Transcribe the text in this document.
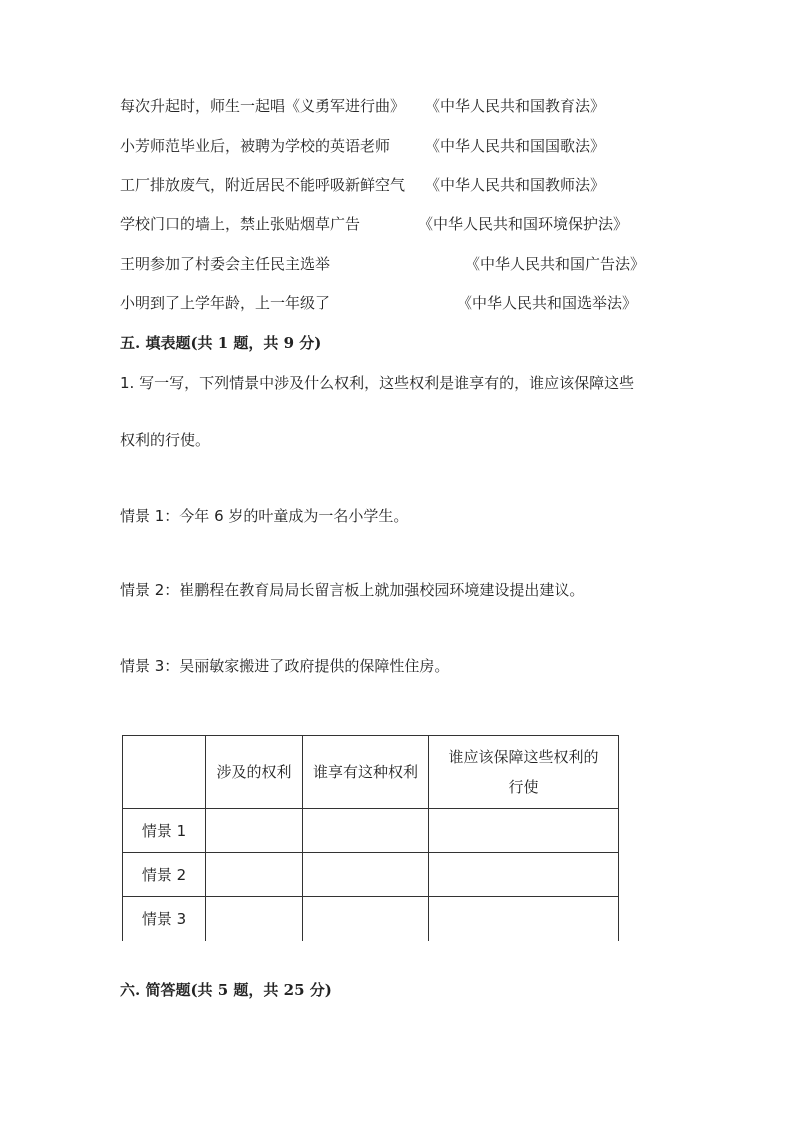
每次升起时，师生一起唱《义勇军进行曲》 《中华人民共和国教育法》
小芳师范毕业后，被聘为学校的英语老师 《中华人民共和国国歌法》
工厂排放废气，附近居民不能呼吸新鲜空气 《中华人民共和国教师法》
学校门口的墙上，禁止张贴烟草广告	《中华人民共和国环境保护法》
王明参加了村委会主任民主选举	《中华人民共和国广告法》
小明到了上学年龄，上一年级了	《中华人民共和国选举法》
五. 填表题(共 1 题，共 9 分)
1. 写一写，下列情景中涉及什么权利，这些权利是谁享有的，谁应该保障这些
权利的行使。
情景 1：今年 6 岁的叶童成为一名小学生。
情景 2：崔鹏程在教育局局长留言板上就加强校园环境建设提出建议。
情景 3：吴丽敏家搬进了政府提供的保障性住房。
	涉及的权利	谁享有这种权利	谁应该保障这些权利的行使
情景 1			
情景 2			
情景 3			
六. 简答题(共 5 题，共 25 分)
